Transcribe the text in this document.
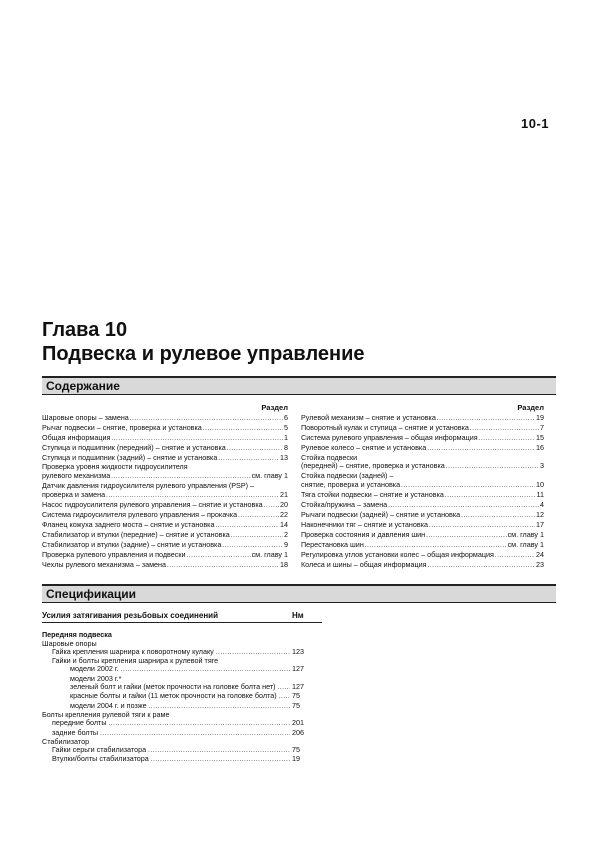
10-1
Глава 10
Подвеска и рулевое управление
Содержание
Раздел
Шаровые опоры – замена . . .	6
Рычаг подвески – снятие, проверка и установка . . .	5
Общая информация . . .	1
Ступица и подшипник (передний) – снятие и установка . . .	8
Ступица и подшипник (задний) – снятие и установка . . .	13
Проверка уровня жидкости гидроусилителя
рулевого механизма . . .	см. главу 1
Датчик давления гидроусилителя рулевого управления (PSP) –
проверка и замена . . .	21
Насос гидроусилителя рулевого управления – снятие и установка . . . 20
Система гидроусилителя рулевого управления – прокачка . . .	22
Фланец кожуха заднего моста – снятие и установка . . .	14
Стабилизатор и втулки (передние) – снятие и установка . . .	2
Стабилизатор и втулки (задние) – снятие и установка . . .	9
Проверка рулевого управления и подвески . . .	см. главу 1
Чехлы рулевого механизма – замена . . .	18
Раздел
Рулевой механизм – снятие и установка . . .	19
Поворотный кулак и ступица – снятие и установка . . .	7
Система рулевого управления – общая информация . . .	15
Рулевое колесо – снятие и установка . . .	16
Стойка подвески
(передней) – снятие, проверка и установка . . .	3
Стойка подвески (задней) –
снятие, проверка и установка . . .	10
Тяга стойки подвески – снятие и установка . . .	11
Стойка/пружина – замена . . .	4
Рычаги подвески (задней) – снятие и установка . . .	12
Наконечники тяг – снятие и установка . . .	17
Проверка состояния и давления шин . . .	см. главу 1
Перестановка шин . . .	см. главу 1
Регулировка углов установки колес – общая информация . . .	24
Колеса и шины – общая информация . . .	23
Спецификации
Усилия затягивания резьбовых соединений	Нм
Передняя подвеска
Шаровые опоры
Гайка крепления шарнира к поворотному кулаку . . .	123
Гайки и болты крепления шарнира к рулевой тяге
модели 2002 г. . . .	127
модели 2003 г.*
зеленый болт и гайки (меток прочности на головке болта нет) . . . 127
красные болты и гайки (11 меток прочности на головке болта) . . . 75
модели 2004 г. и позже . . .	75
Болты крепления рулевой тяги к раме
передние болты . . .	201
задние болты . . .	206
Стабилизатор
Гайки серьги стабилизатора . . .	75
Втулки/болты стабилизатора . . .	19
